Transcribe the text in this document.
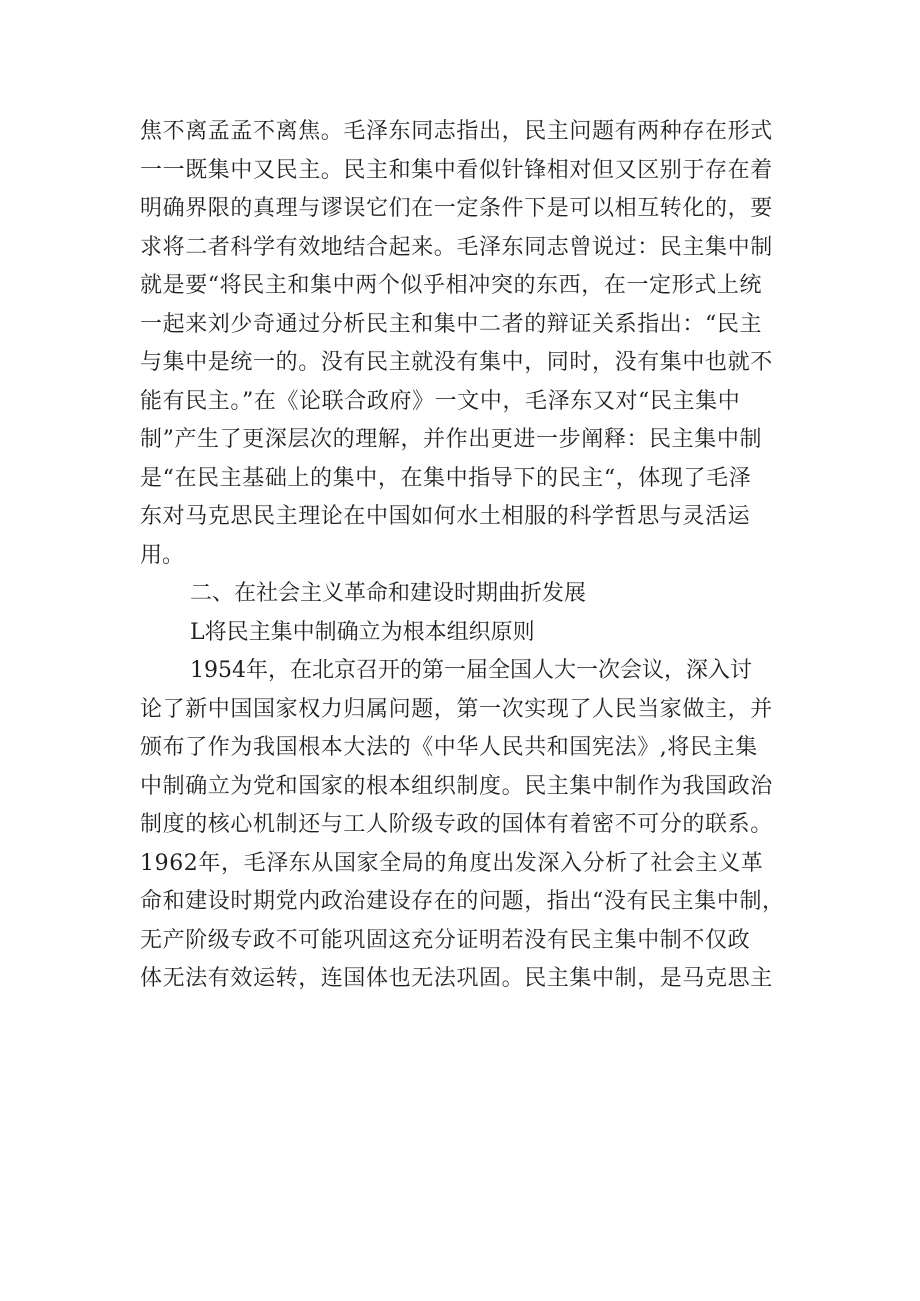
焦不离孟孟不离焦。毛泽东同志指出，民主问题有两种存在形式
一一既集中又民主。民主和集中看似针锋相对但又区别于存在着
明确界限的真理与谬误它们在一定条件下是可以相互转化的，要
求将二者科学有效地结合起来。毛泽东同志曾说过：民主集中制
就是要“将民主和集中两个似乎相冲突的东西，在一定形式上统
一起来刘少奇通过分析民主和集中二者的辩证关系指出：“民主
与集中是统一的。没有民主就没有集中，同时，没有集中也就不
能有民主。”在《论联合政府》一文中，毛泽东又对“民主集中
制”产生了更深层次的理解，并作出更进一步阐释：民主集中制
是“在民主基础上的集中，在集中指导下的民主“，体现了毛泽
东对马克思民主理论在中国如何水土相服的科学哲思与灵活运
用。
二、在社会主义革命和建设时期曲折发展
L将民主集中制确立为根本组织原则
1954年，在北京召开的第一届全国人大一次会议，深入讨
论了新中国国家权力归属问题，第一次实现了人民当家做主，并
颁布了作为我国根本大法的《中华人民共和国宪法》,将民主集
中制确立为党和国家的根本组织制度。民主集中制作为我国政治
制度的核心机制还与工人阶级专政的国体有着密不可分的联系。
1962年，毛泽东从国家全局的角度出发深入分析了社会主义革
命和建设时期党内政治建设存在的问题，指出“没有民主集中制，
无产阶级专政不可能巩固这充分证明若没有民主集中制不仅政
体无法有效运转，连国体也无法巩固。民主集中制，是马克思主
